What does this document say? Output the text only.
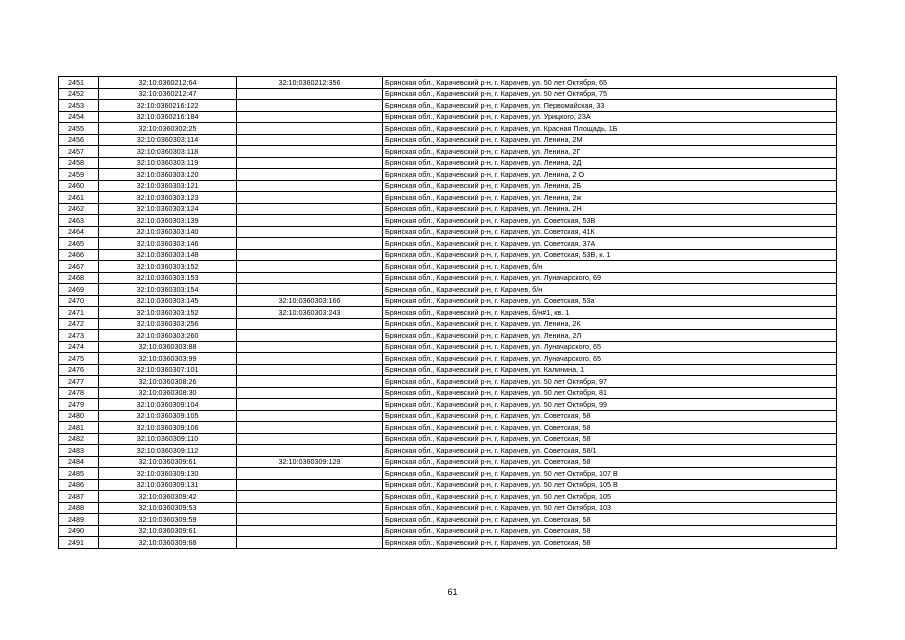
2451	32:10:0360212:64	32:10:0360212:356	Брянская обл., Карачевский р-н, г. Карачев, ул. 50 лет Октября, 65
2452	32:10:0360212:47		Брянская обл., Карачевский р-н, г. Карачев, ул. 50 лет Октября, 75
2453	32:10:0360216:122		Брянская обл., Карачевский р-н, г. Карачев, ул. Первомайская, 33
2454	32:10:0360216:184		Брянская обл., Карачевский р-н, г. Карачев, ул. Урицкого, 23А
2455	32:10:0360302:25		Брянская обл., Карачевский р-н, г. Карачев, ул. Красная Площадь, 1Б
2456	32:10:0360303:114		Брянская обл., Карачевский р-н, г. Карачев, ул. Ленина, 2М
2457	32:10:0360303:118		Брянская обл., Карачевский р-н, г. Карачев, ул. Ленина, 2Г
2458	32:10:0360303:119		Брянская обл., Карачевский р-н, г. Карачев, ул. Ленина, 2Д
2459	32:10:0360303:120		Брянская обл., Карачевский р-н, г. Карачев, ул. Ленина, 2 О
2460	32:10:0360303:121		Брянская обл., Карачевский р-н, г. Карачев, ул. Ленина, 2Б
2461	32:10:0360303:123		Брянская обл., Карачевский р-н, г. Карачев, ул. Ленина, 2ж
2462	32:10:0360303:124		Брянская обл., Карачевский р-н, г. Карачев, ул. Ленина, 2Н
2463	32:10:0360303:139		Брянская обл., Карачевский р-н, г. Карачев, ул. Советская, 53В
2464	32:10:0360303:140		Брянская обл., Карачевский р-н, г. Карачев, ул. Советская, 41К
2465	32:10:0360303:146		Брянская обл., Карачевский р-н, г. Карачев, ул. Советская, 37А
2466	32:10:0360303:148		Брянская обл., Карачевский р-н, г. Карачев, ул. Советская, 53В, к. 1
2467	32:10:0360303:152		Брянская обл., Карачевский р-н, г. Карачев, б/н
2468	32:10:0360303:153		Брянская обл., Карачевский р-н, г. Карачев, ул. Луначарского, 69
2469	32:10:0360303:154		Брянская обл., Карачевский р-н, г. Карачев, б/н
2470	32:10:0360303:145	32:10:0360303:166	Брянская обл., Карачевский р-н, г. Карачев, ул. Советская, 53а
2471	32:10:0360303:152	32:10:0360303:243	Брянская обл., Карачевский р-н, г. Карачев, б/н#1, кв. 1
2472	32:10:0360303:256		Брянская обл., Карачевский р-н, г. Карачев, ул. Ленина, 2К
2473	32:10:0360303:260		Брянская обл., Карачевский р-н, г. Карачев, ул. Ленина, 2Л
2474	32:10:0360303:88		Брянская обл., Карачевский р-н, г. Карачев, ул. Луначарского, 65
2475	32:10:0360303:99		Брянская обл., Карачевский р-н, г. Карачев, ул. Луначарского, 65
2476	32:10:0360307:101		Брянская обл., Карачевский р-н, г. Карачев, ул. Калинина, 1
2477	32:10:0360308:26		Брянская обл., Карачевский р-н, г. Карачев, ул. 50 лет Октября, 97
2478	32:10:0360308:30		Брянская обл., Карачевский р-н, г. Карачев, ул. 50 лет Октября, 81
2479	32:10:0360309:104		Брянская обл., Карачевский р-н, г. Карачев, ул. 50 лет Октября, 99
2480	32:10:0360309:105		Брянская обл., Карачевский р-н, г. Карачев, ул. Советская, 58
2481	32:10:0360309:106		Брянская обл., Карачевский р-н, г. Карачев, ул. Советская, 58
2482	32:10:0360309:110		Брянская обл., Карачевский р-н, г. Карачев, ул. Советская, 58
2483	32:10:0360309:112		Брянская обл., Карачевский р-н, г. Карачев, ул. Советская, 58/1
2484	32:10:0360309:61	32:10:0360309:129	Брянская обл., Карачевский р-н, г. Карачев, ул. Советская, 58
2485	32:10:0360309:130		Брянская обл., Карачевский р-н, г. Карачев, ул. 50 лет Октября, 107 В
2486	32:10:0360309:131		Брянская обл., Карачевский р-н, г. Карачев, ул. 50 лет Октября, 105 В
2487	32:10:0360309:42		Брянская обл., Карачевский р-н, г. Карачев, ул. 50 лет Октября, 105
2488	32:10:0360309:53		Брянская обл., Карачевский р-н, г. Карачев, ул. 50 лет Октября, 103
2489	32:10:0360309:59		Брянская обл., Карачевский р-н, г. Карачев, ул. Советская, 58
2490	32:10:0360309:61		Брянская обл., Карачевский р-н, г. Карачев, ул. Советская, 58
2491	32:10:0360309:68		Брянская обл., Карачевский р-н, г. Карачев, ул. Советская, 58
61
